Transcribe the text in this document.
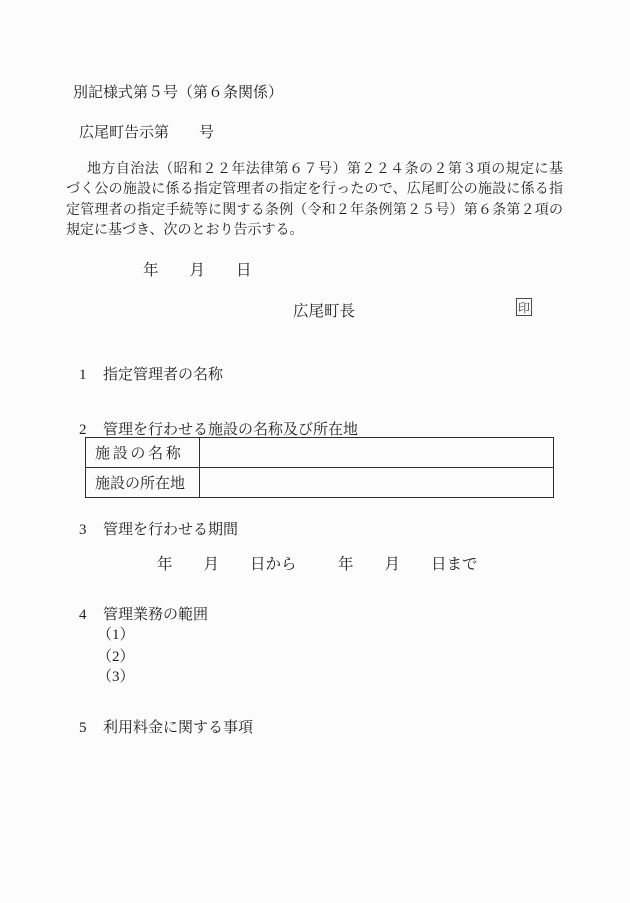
別記様式第５号（第６条関係）
広尾町告示第　　号
地方自治法（昭和２２年法律第６７号）第２２４条の２第３項の規定に基
づく公の施設に係る指定管理者の指定を行ったので、広尾町公の施設に係る指
定管理者の指定手続等に関する条例（令和２年条例第２５号）第６条第２項の
規定に基づき、次のとおり告示する。
年　　月　　日
広尾町長	印
1 指定管理者の名称
2 管理を行わせる施設の名称及び所在地
施設の名称	
施設の所在地	
3 管理を行わせる期間
年　　月　　日から	年　　月　　日まで
4 管理業務の範囲
（1）
（2）
（3）
5 利用料金に関する事項
